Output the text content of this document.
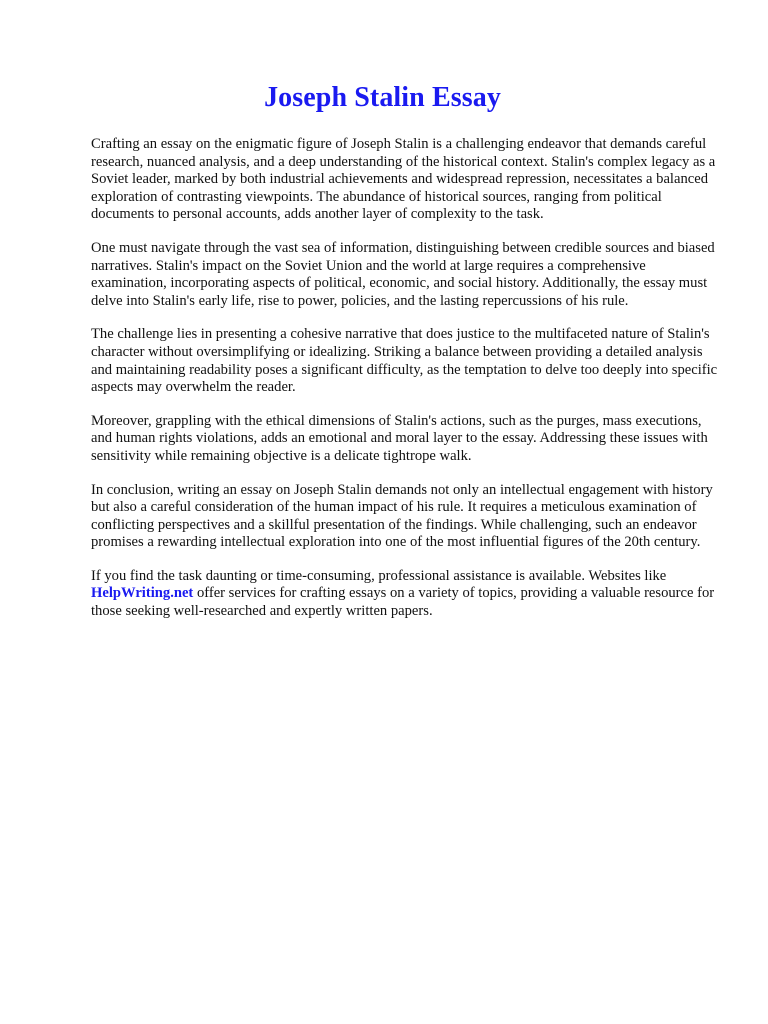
Joseph Stalin Essay

Crafting an essay on the enigmatic figure of Joseph Stalin is a challenging endeavor that demands careful research, nuanced analysis, and a deep understanding of the historical context. Stalin's complex legacy as a Soviet leader, marked by both industrial achievements and widespread repression, necessitates a balanced exploration of contrasting viewpoints. The abundance of historical sources, ranging from political documents to personal accounts, adds another layer of complexity to the task.

One must navigate through the vast sea of information, distinguishing between credible sources and biased narratives. Stalin's impact on the Soviet Union and the world at large requires a comprehensive examination, incorporating aspects of political, economic, and social history. Additionally, the essay must delve into Stalin's early life, rise to power, policies, and the lasting repercussions of his rule.

The challenge lies in presenting a cohesive narrative that does justice to the multifaceted nature of Stalin's character without oversimplifying or idealizing. Striking a balance between providing a detailed analysis and maintaining readability poses a significant difficulty, as the temptation to delve too deeply into specific aspects may overwhelm the reader.

Moreover, grappling with the ethical dimensions of Stalin's actions, such as the purges, mass executions, and human rights violations, adds an emotional and moral layer to the essay. Addressing these issues with sensitivity while remaining objective is a delicate tightrope walk.

In conclusion, writing an essay on Joseph Stalin demands not only an intellectual engagement with history but also a careful consideration of the human impact of his rule. It requires a meticulous examination of conflicting perspectives and a skillful presentation of the findings. While challenging, such an endeavor promises a rewarding intellectual exploration into one of the most influential figures of the 20th century.

If you find the task daunting or time-consuming, professional assistance is available. Websites like HelpWriting.net offer services for crafting essays on a variety of topics, providing a valuable resource for those seeking well-researched and expertly written papers.
